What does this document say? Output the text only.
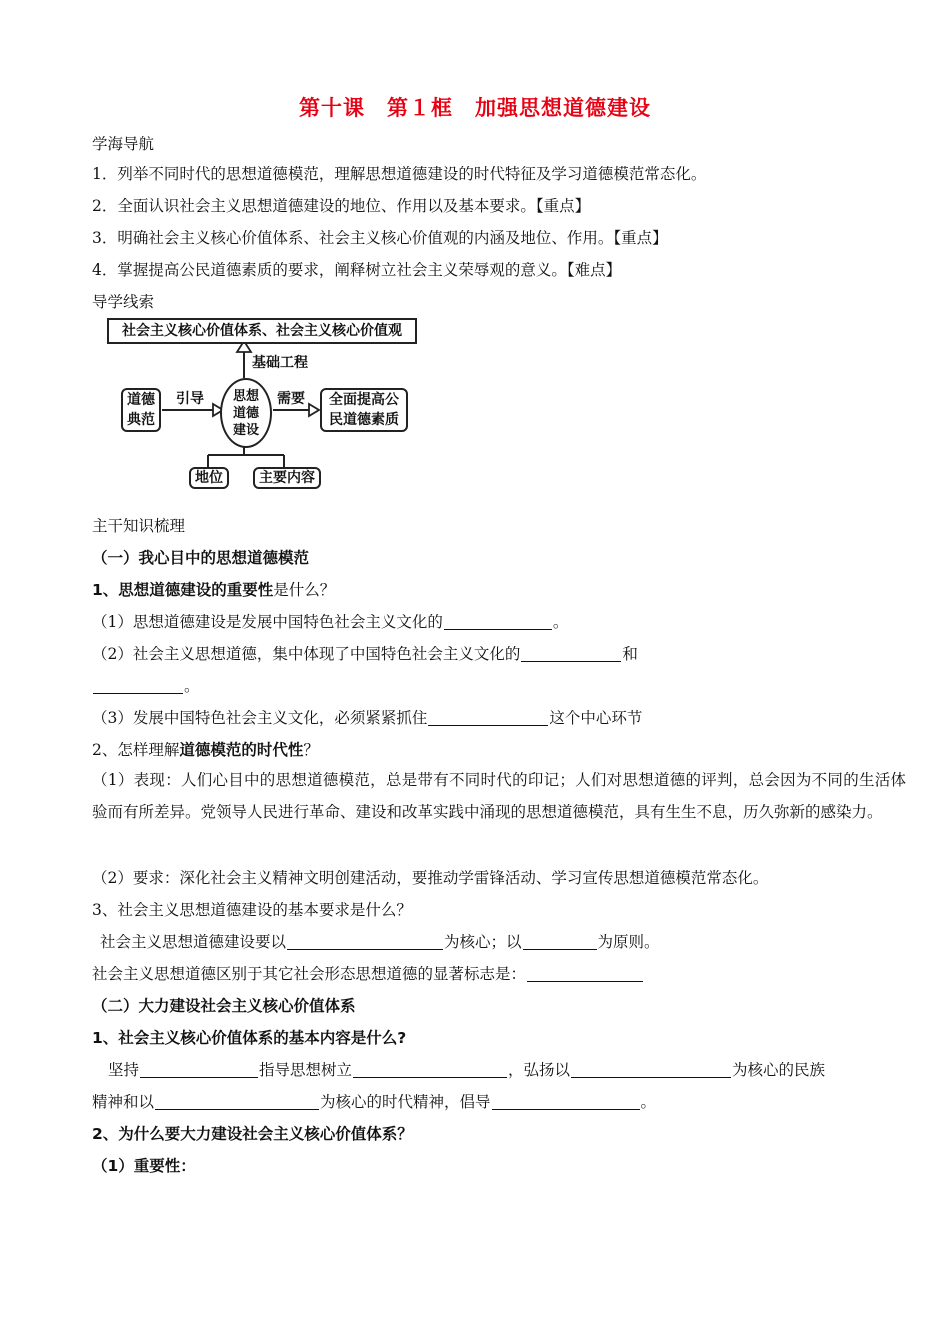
第十课　第１框　加强思想道德建设
学海导航
1．列举不同时代的思想道德模范，理解思想道德建设的时代特征及学习道德模范常态化。
2．全面认识社会主义思想道德建设的地位、作用以及基本要求。【重点】
3．明确社会主义核心价值体系、社会主义核心价值观的内涵及地位、作用。【重点】
4．掌握提高公民道德素质的要求，阐释树立社会主义荣辱观的意义。【难点】
导学线索
社会主义核心价值体系、社会主义核心价值观
基础工程
道德
典范
引导	思想
道德
建设
需要	全面提高公
民道德素质
地位	主要内容
主干知识梳理
（一）我心目中的思想道德模范
1、思想道德建设的重要性是什么？
（1）思想道德建设是发展中国特色社会主义文化的	。
（2）社会主义思想道德，集中体现了中国特色社会主义文化的	和
。
（3）发展中国特色社会主义文化，必须紧紧抓住	这个中心环节
2、怎样理解道德模范的时代性？
（1）表现：人们心目中的思想道德模范，总是带有不同时代的印记；人们对思想道德的评判，总会因为不同的生活体验而有所差异。党领导人民进行革命、建设和改革实践中涌现的思想道德模范，具有生生不息，历久弥新的感染力。
（2）要求：深化社会主义精神文明创建活动，要推动学雷锋活动、学习宣传思想道德模范常态化。
3、社会主义思想道德建设的基本要求是什么？
社会主义思想道德建设要以	为核心；以	为原则。
社会主义思想道德区别于其它社会形态思想道德的显著标志是：
（二）大力建设社会主义核心价值体系
1、社会主义核心价值体系的基本内容是什么?
坚持	指导思想树立	，弘扬以	为核心的民族
精神和以	为核心的时代精神，倡导	。
2、为什么要大力建设社会主义核心价值体系？
（1）重要性：
